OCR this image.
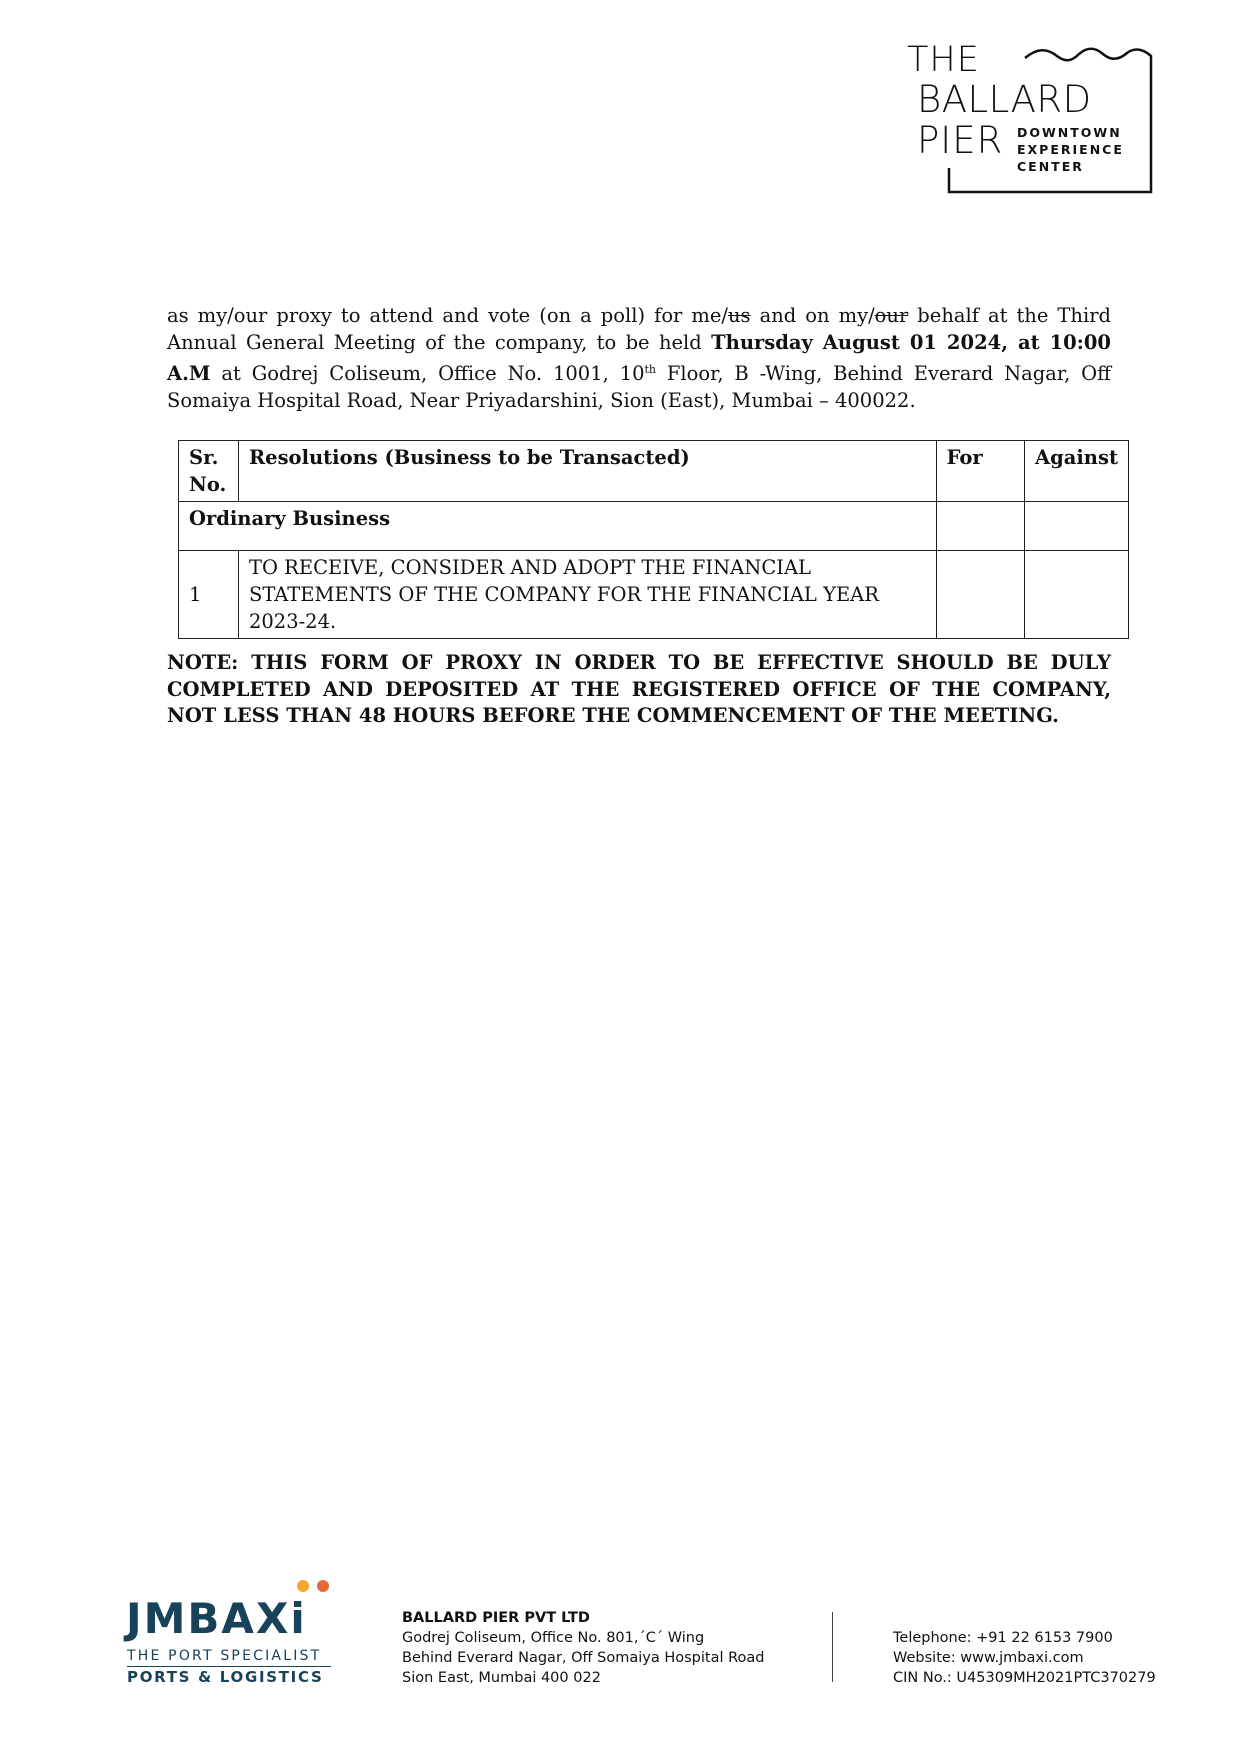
THE
BALLARD
PIER DOWNTOWN
EXPERIENCE
CENTER

as my/our proxy to attend and vote (on a poll) for me/us and on my/our behalf at the Third Annual General Meeting of the company, to be held Thursday August 01 2024, at 10:00 A.M at Godrej Coliseum, Office No. 1001, 10th Floor, B -Wing, Behind Everard Nagar, Off Somaiya Hospital Road, Near Priyadarshini, Sion (East), Mumbai – 400022.

Sr. No.	Resolutions (Business to be Transacted)	For	Against
Ordinary Business			
1	TO RECEIVE, CONSIDER AND ADOPT THE FINANCIAL STATEMENTS OF THE COMPANY FOR THE FINANCIAL YEAR 2023-24.		

NOTE: THIS FORM OF PROXY IN ORDER TO BE EFFECTIVE SHOULD BE DULY COMPLETED AND DEPOSITED AT THE REGISTERED OFFICE OF THE COMPANY, NOT LESS THAN 48 HOURS BEFORE THE COMMENCEMENT OF THE MEETING.

JMBAXi
THE PORT SPECIALIST
PORTS & LOGISTICS
BALLARD PIER PVT LTD
Godrej Coliseum, Office No. 801,´C´ Wing
Behind Everard Nagar, Off Somaiya Hospital Road
Sion East, Mumbai 400 022
Telephone: +91 22 6153 7900
Website: www.jmbaxi.com
CIN No.: U45309MH2021PTC370279
